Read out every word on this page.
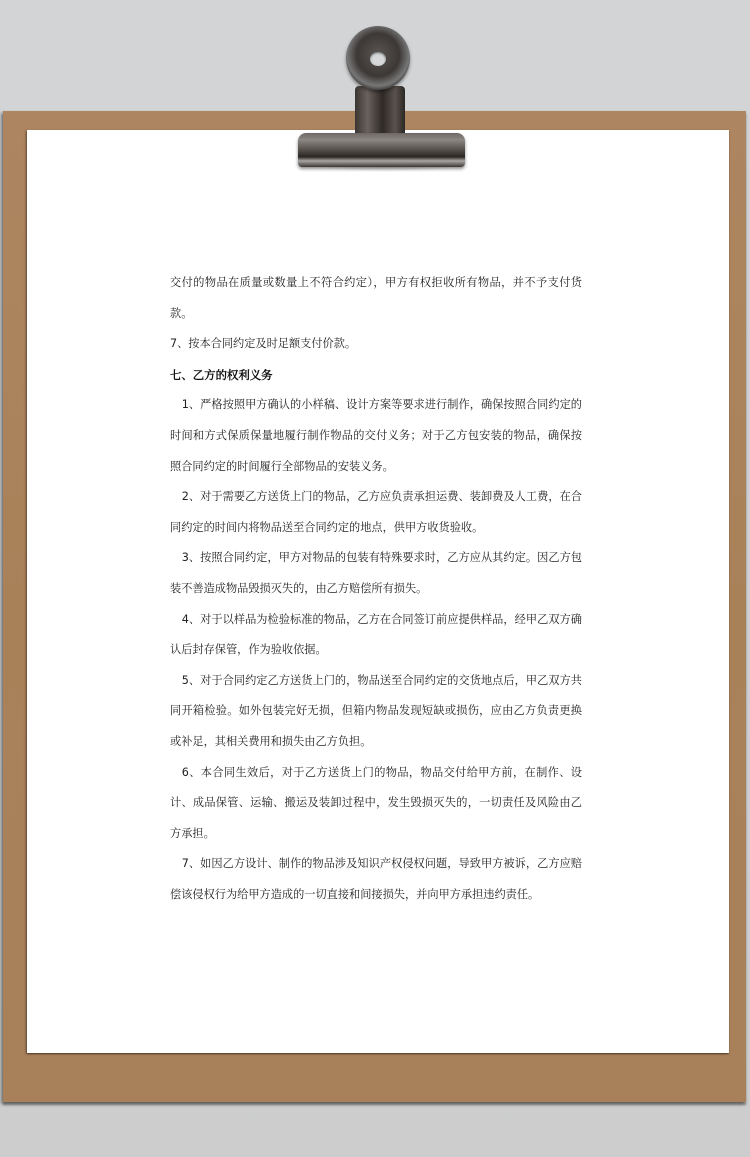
交付的物品在质量或数量上不符合约定），甲方有权拒收所有物品，并不予支付货款。

7、按本合同约定及时足额支付价款。

七、乙方的权利义务

1、严格按照甲方确认的小样稿、设计方案等要求进行制作，确保按照合同约定的时间和方式保质保量地履行制作物品的交付义务；对于乙方包安装的物品，确保按照合同约定的时间履行全部物品的安装义务。

2、对于需要乙方送货上门的物品，乙方应负责承担运费、装卸费及人工费，在合同约定的时间内将物品送至合同约定的地点，供甲方收货验收。

3、按照合同约定，甲方对物品的包装有特殊要求时，乙方应从其约定。因乙方包装不善造成物品毁损灭失的，由乙方赔偿所有损失。

4、对于以样品为检验标准的物品，乙方在合同签订前应提供样品，经甲乙双方确认后封存保管，作为验收依据。

5、对于合同约定乙方送货上门的，物品送至合同约定的交货地点后，甲乙双方共同开箱检验。如外包装完好无损，但箱内物品发现短缺或损伤，应由乙方负责更换或补足，其相关费用和损失由乙方负担。

6、本合同生效后，对于乙方送货上门的物品，物品交付给甲方前，在制作、设计、成品保管、运输、搬运及装卸过程中，发生毁损灭失的，一切责任及风险由乙方承担。

7、如因乙方设计、制作的物品涉及知识产权侵权问题，导致甲方被诉，乙方应赔偿该侵权行为给甲方造成的一切直接和间接损失，并向甲方承担违约责任。
